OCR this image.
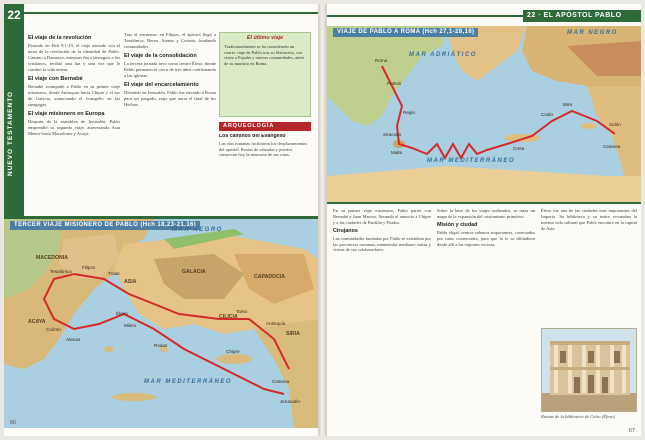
22
NUEVO TESTAMENTO
El viaje de la revolución

Pasando en Hch 9,1-19, el viaje narrado con el tema de la revelación de la identidad de Pablo. Camino a Damasco, mientras iba a perseguir a los cristianos, recibió una luz y una voz que le cambió la vida entera.

El viaje con Bernabé

Bernabé acompañó a Pablo en su primer viaje misionero, desde Antioquía hacia Chipre y el sur de Galacia, anunciando el evangelio en las sinagogas.

El viaje misionero en Europa

Después de la asamblea de Jerusalén, Pablo emprendió su segundo viaje, atravesando Asia Menor hasta Macedonia y Acaya.

Tras el encuentro en Filipos, el apóstol llegó a Tesalónica, Berea, Atenas y Corinto, fundando comunidades.

El viaje de la consolidación

La tercera jornada tuvo como centro Éfeso, donde Pablo permaneció cerca de tres años confirmando a las iglesias.

El viaje del encarcelamiento

Detenido en Jerusalén, Pablo fue enviado a Roma para ser juzgado, viaje que narra el final de los Hechos.

El último viaje
Tradicionalmente se ha considerado un cuarto viaje de Pablo tras su liberación, con visita a España y nuevas comunidades, antes de su martirio en Roma.
ARQUEOLOGÍA
Los caminos del Evangelio
Las vías romanas facilitaron los desplazamientos del apóstol. Restos de calzadas y puertos conservan hoy la memoria de sus rutas.
TERCER VIAJE MISIONERO DE PABLO (Hch 18,23-21,16)
MAR NEGRO
MAR MEDITERRÁNEO
MACEDONIA
ACAYA
ASIA
GALACIA
CAPADOCIA
CILICIA
SIRIA
Tesalónica
Filipos
Troas
Éfeso
Mileto
Corinto
Atenas
Antioquía
Tarso
Cesarea
Jerusalén
Rodas
Chipre
66
22 · EL APÓSTOL PABLO
VIAJE DE PABLO A ROMA (Hch 27,1-28,16)
MAR MEDITERRÁNEO
MAR ADRIÁTICO
MAR NEGRO
Roma
Puteoli
Regio
Siracusa
Malta
Creta	Cesarea
Sidón
Mira
Cnido

En su primer viaje misionero, Pablo partió con Bernabé y Juan Marcos, llevando el anuncio a Chipre y a las ciudades de Panfilia y Pisidia.

Cirujanos

Las comunidades fundadas por Pablo se extendían por las provincias romanas, mantenidas mediante cartas y visitas de sus colaboradores.

Sobre la base de los viajes realizados, se traza un mapa de la expansión del cristianismo primitivo.

Misión y ciudad

Pablo eligió centros urbanos importantes, conectados por rutas comerciales, para que la fe se difundiera desde allí a las regiones vecinas.

Éfeso fue una de las ciudades más importantes del Imperio. Su biblioteca y su teatro recuerdan la intensa vida cultural que Pablo encontró en la capital de Asia.

Ruinas de la biblioteca de Celso (Éfeso)
67
